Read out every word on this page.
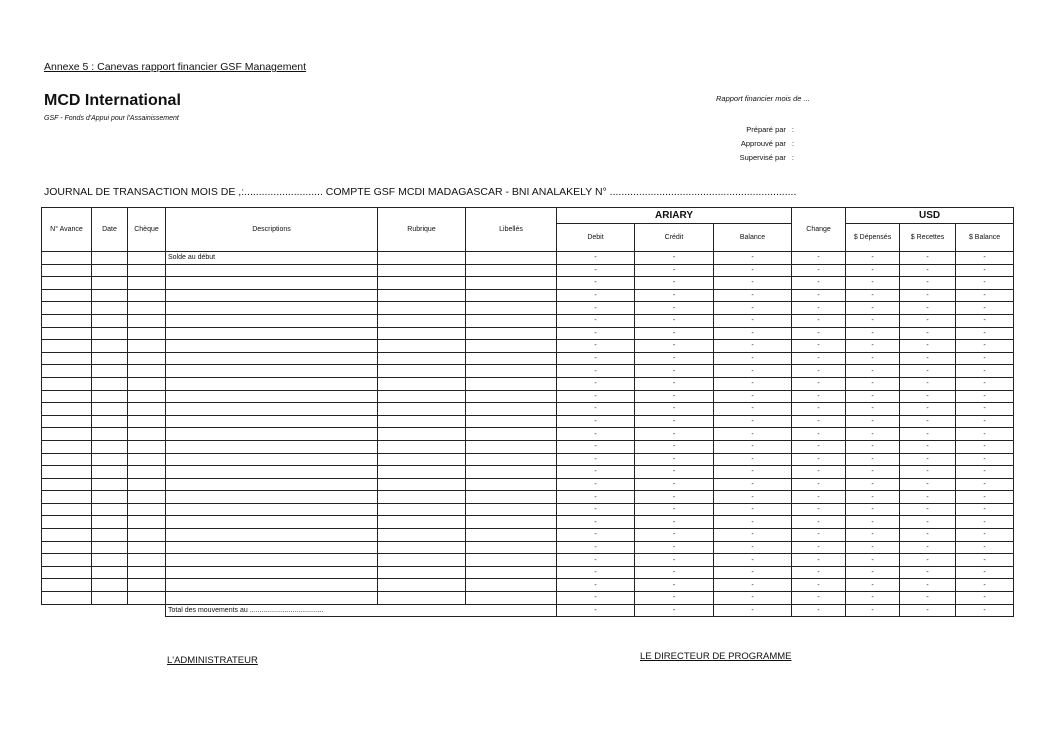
Annexe 5 : Canevas rapport financier GSF Management
MCD International
GSF - Fonds d'Appui pour l'Assainissement
Rapport financier mois de ...
Préparé par :
Approuvé par :
Supervisé par :
JOURNAL DE TRANSACTION MOIS DE ,:........................... COMPTE GSF MCDI MADAGASCAR - BNI ANALAKELY N° ................................................................
N° Avance	Date	Chèque	Descriptions	Rubrique	Libellés	ARIARY			Change	USD		
						Debit	Crédit	Balance		$ Dépensés	$ Recettes	$ Balance
			Solde au début			-	-	-	-	-	-	-
						-	-	-	-	-	-	-
						-	-	-	-	-	-	-
						-	-	-	-	-	-	-
						-	-	-	-	-	-	-
						-	-	-	-	-	-	-
						-	-	-	-	-	-	-
						-	-	-	-	-	-	-
						-	-	-	-	-	-	-
						-	-	-	-	-	-	-
						-	-	-	-	-	-	-
						-	-	-	-	-	-	-
						-	-	-	-	-	-	-
						-	-	-	-	-	-	-
						-	-	-	-	-	-	-
						-	-	-	-	-	-	-
						-	-	-	-	-	-	-
						-	-	-	-	-	-	-
						-	-	-	-	-	-	-
						-	-	-	-	-	-	-
						-	-	-	-	-	-	-
						-	-	-	-	-	-	-
						-	-	-	-	-	-	-
						-	-	-	-	-	-	-
						-	-	-	-	-	-	-
						-	-	-	-	-	-	-
						-	-	-	-	-	-	-
						-	-	-	-	-	-	-
			Total des mouvements au ......................................			-	-	-	-	-	-	-
L'ADMINISTRATEUR	LE DIRECTEUR DE PROGRAMME
